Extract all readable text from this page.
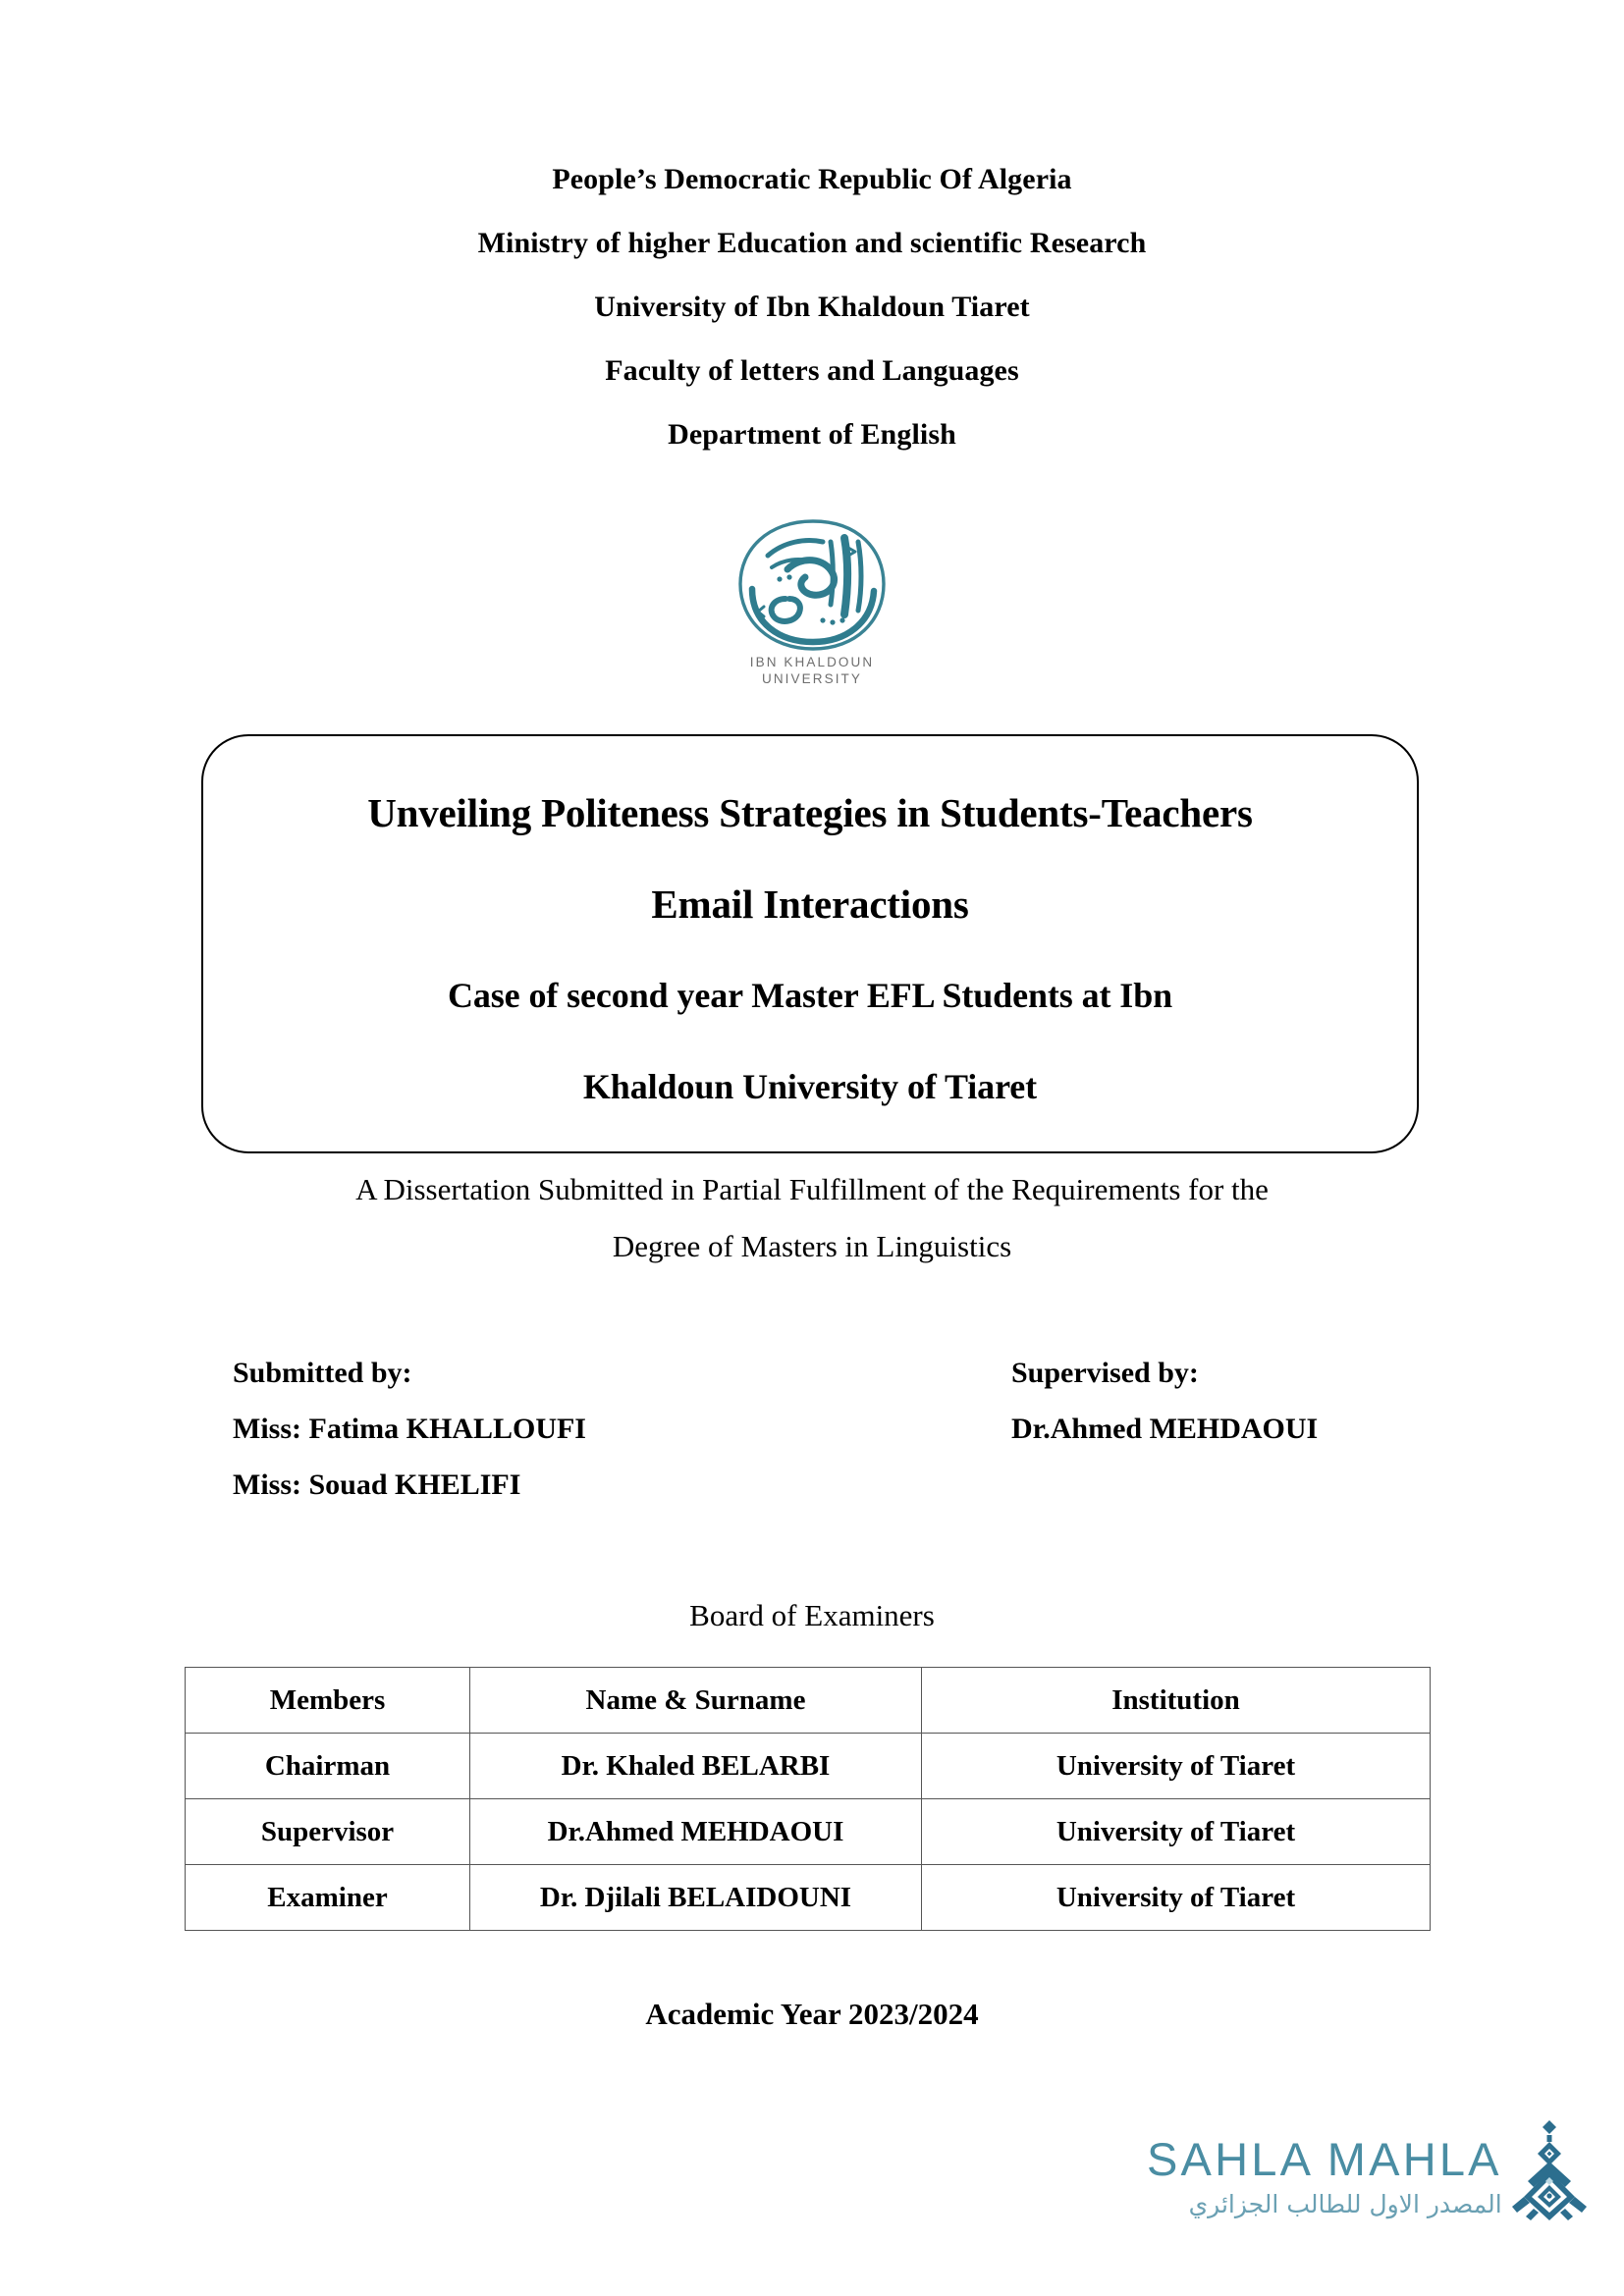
People’s Democratic Republic Of Algeria
Ministry of higher Education and scientific Research
University of Ibn Khaldoun Tiaret
Faculty of letters and Languages
Department of English
IBN KHALDOUN
UNIVERSITY
Unveiling Politeness Strategies in Students-Teachers
Email Interactions
Case of second year Master EFL Students at Ibn
Khaldoun University of Tiaret
A Dissertation Submitted in Partial Fulfillment of the Requirements for the
Degree of Masters in Linguistics
Submitted by:
Miss: Fatima KHALLOUFI
Miss: Souad KHELIFI
Supervised by:
Dr.Ahmed MEHDAOUI
Board of Examiners
Members	Name & Surname	Institution
Chairman	Dr. Khaled BELARBI	University of Tiaret
Supervisor	Dr.Ahmed MEHDAOUI	University of Tiaret
Examiner	Dr. Djilali BELAIDOUNI	University of Tiaret
Academic Year 2023/2024
SAHLA MAHLA
المصدر الاول للطالب الجزائري
